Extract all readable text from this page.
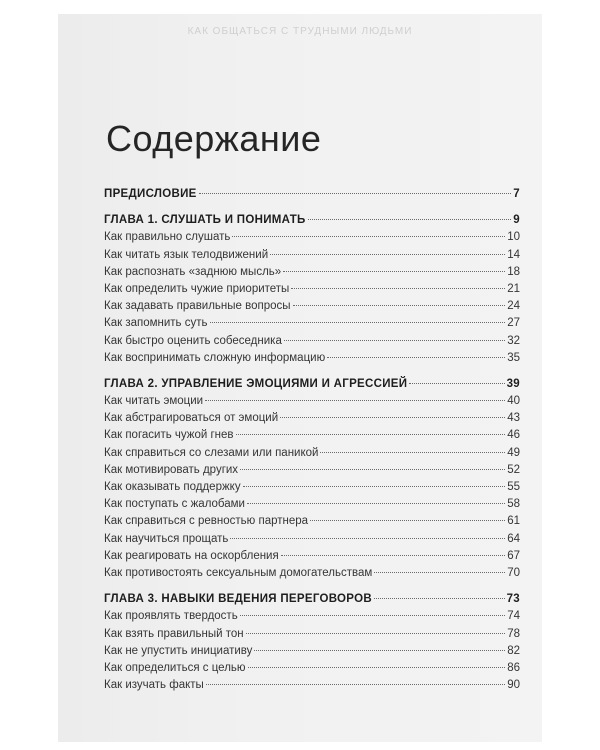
КАК ОБЩАТЬСЯ С ТРУДНЫМИ ЛЮДЬМИ
Содержание
ПРЕДИСЛОВИЕ	7
ГЛАВА 1. СЛУШАТЬ И ПОНИМАТЬ	9
Как правильно слушать	10
Как читать язык телодвижений	14
Как распознать «заднюю мысль»	18
Как определить чужие приоритеты	21
Как задавать правильные вопросы	24
Как запомнить суть	27
Как быстро оценить собеседника	32
Как воспринимать сложную информацию	35
ГЛАВА 2. УПРАВЛЕНИЕ ЭМОЦИЯМИ И АГРЕССИЕЙ	39
Как читать эмоции	40
Как абстрагироваться от эмоций	43
Как погасить чужой гнев	46
Как справиться со слезами или паникой	49
Как мотивировать других	52
Как оказывать поддержку	55
Как поступать с жалобами	58
Как справиться с ревностью партнера	61
Как научиться прощать	64
Как реагировать на оскорбления	67
Как противостоять сексуальным домогательствам	70
ГЛАВА 3. НАВЫКИ ВЕДЕНИЯ ПЕРЕГОВОРОВ	73
Как проявлять твердость	74
Как взять правильный тон	78
Как не упустить инициативу	82
Как определиться с целью	86
Как изучать факты	90
